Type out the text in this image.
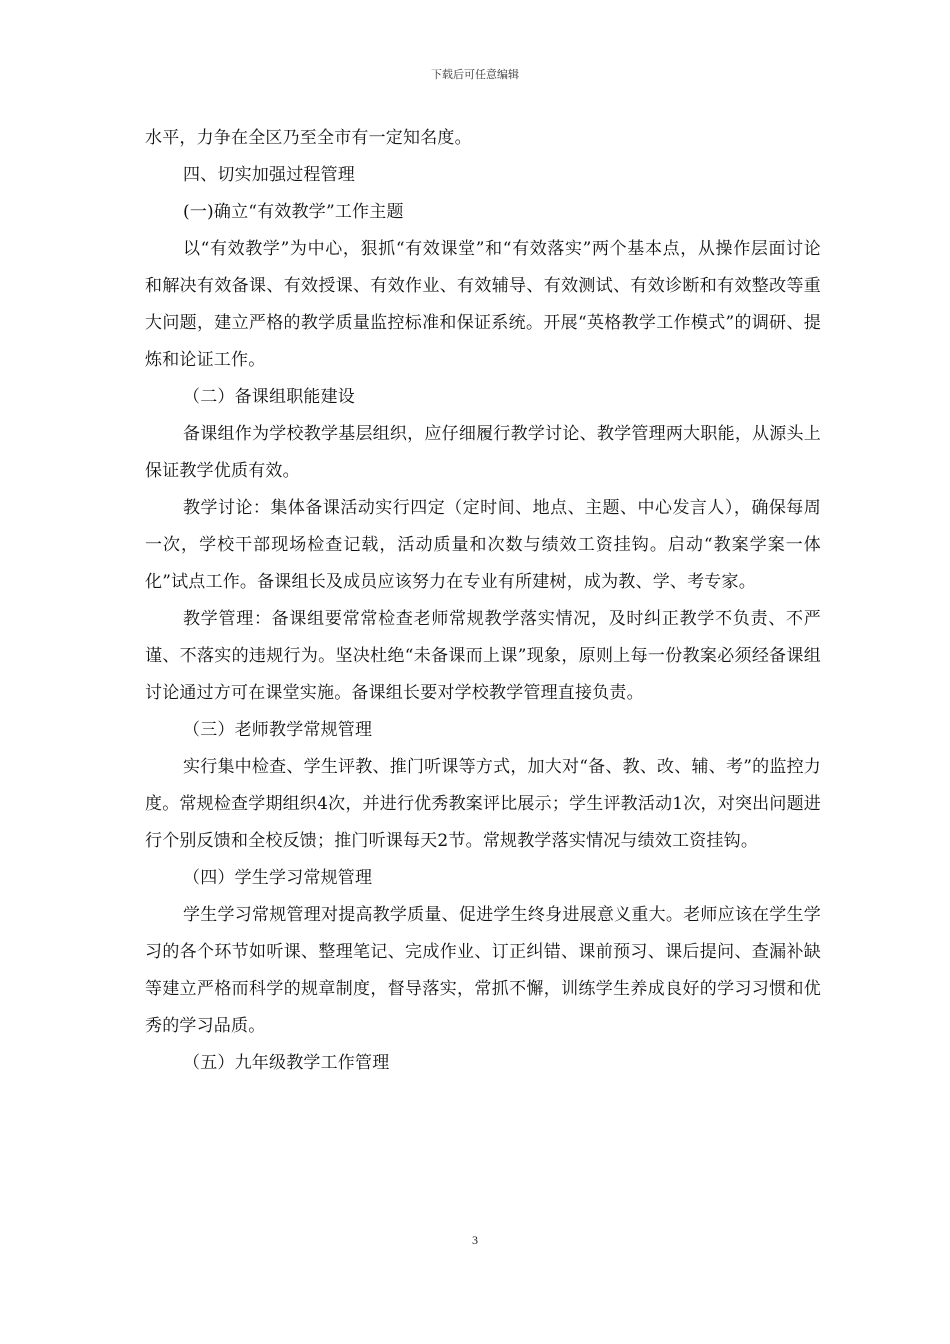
下载后可任意编辑

水平，力争在全区乃至全市有一定知名度。

四、切实加强过程管理

(一)确立“有效教学”工作主题

以“有效教学”为中心，狠抓“有效课堂”和“有效落实”两个基本点，从操作层面讨论和解决有效备课、有效授课、有效作业、有效辅导、有效测试、有效诊断和有效整改等重大问题，建立严格的教学质量监控标准和保证系统。开展“英格教学工作模式”的调研、提炼和论证工作。

（二）备课组职能建设

备课组作为学校教学基层组织，应仔细履行教学讨论、教学管理两大职能，从源头上保证教学优质有效。

教学讨论：集体备课活动实行四定（定时间、地点、主题、中心发言人），确保每周一次，学校干部现场检查记载，活动质量和次数与绩效工资挂钩。启动“教案学案一体化”试点工作。备课组长及成员应该努力在专业有所建树，成为教、学、考专家。

教学管理：备课组要常常检查老师常规教学落实情况，及时纠正教学不负责、不严谨、不落实的违规行为。坚决杜绝“未备课而上课”现象，原则上每一份教案必须经备课组讨论通过方可在课堂实施。备课组长要对学校教学管理直接负责。

（三）老师教学常规管理

实行集中检查、学生评教、推门听课等方式，加大对“备、教、改、辅、考”的监控力度。常规检查学期组织4次，并进行优秀教案评比展示；学生评教活动1次，对突出问题进行个别反馈和全校反馈；推门听课每天2节。常规教学落实情况与绩效工资挂钩。

（四）学生学习常规管理

学生学习常规管理对提高教学质量、促进学生终身进展意义重大。老师应该在学生学习的各个环节如听课、整理笔记、完成作业、订正纠错、课前预习、课后提问、查漏补缺等建立严格而科学的规章制度，督导落实，常抓不懈，训练学生养成良好的学习习惯和优秀的学习品质。

（五）九年级教学工作管理

3
